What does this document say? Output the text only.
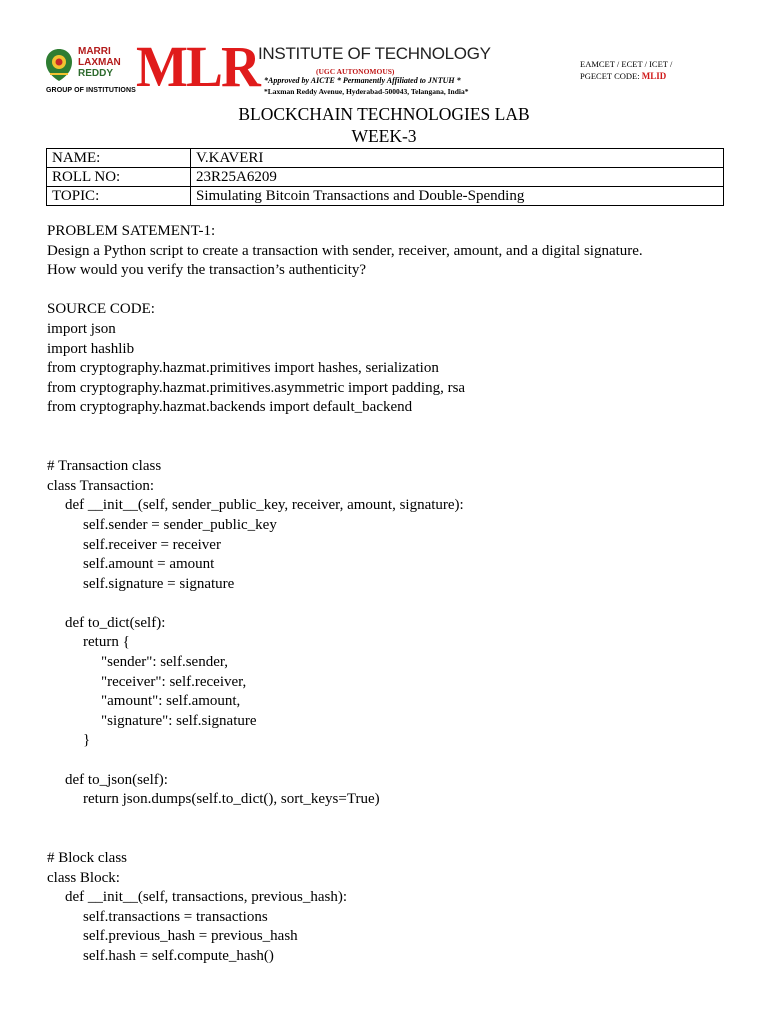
MARRI
LAXMAN
REDDY
GROUP OF INSTITUTIONS MLR INSTITUTE OF TECHNOLOGY
(UGC AUTONOMOUS)
*Approved by AICTE * Permanently Affiliated to JNTUH *
*Laxman Reddy Avenue, Hyderabad-500043, Telangana, India*
EAMCET / ECET / ICET /
PGECET CODE: MLID
BLOCKCHAIN TECHNOLOGIES LAB
WEEK-3
NAME:	V.KAVERI
ROLL NO:	23R25A6209
TOPIC:	Simulating Bitcoin Transactions and Double-Spending

PROBLEM SATEMENT-1:

Design a Python script to create a transaction with sender, receiver, amount, and a digital signature.

How would you verify the transaction’s authenticity?

SOURCE CODE:

import json

import hashlib

from cryptography.hazmat.primitives import hashes, serialization

from cryptography.hazmat.primitives.asymmetric import padding, rsa

from cryptography.hazmat.backends import default_backend

# Transaction class

class Transaction:

def __init__(self, sender_public_key, receiver, amount, signature):

self.sender = sender_public_key

self.receiver = receiver

self.amount = amount

self.signature = signature

def to_dict(self):

return {

"sender": self.sender,

"receiver": self.receiver,

"amount": self.amount,

"signature": self.signature

}

def to_json(self):

return json.dumps(self.to_dict(), sort_keys=True)

# Block class

class Block:

def __init__(self, transactions, previous_hash):

self.transactions = transactions

self.previous_hash = previous_hash

self.hash = self.compute_hash()
